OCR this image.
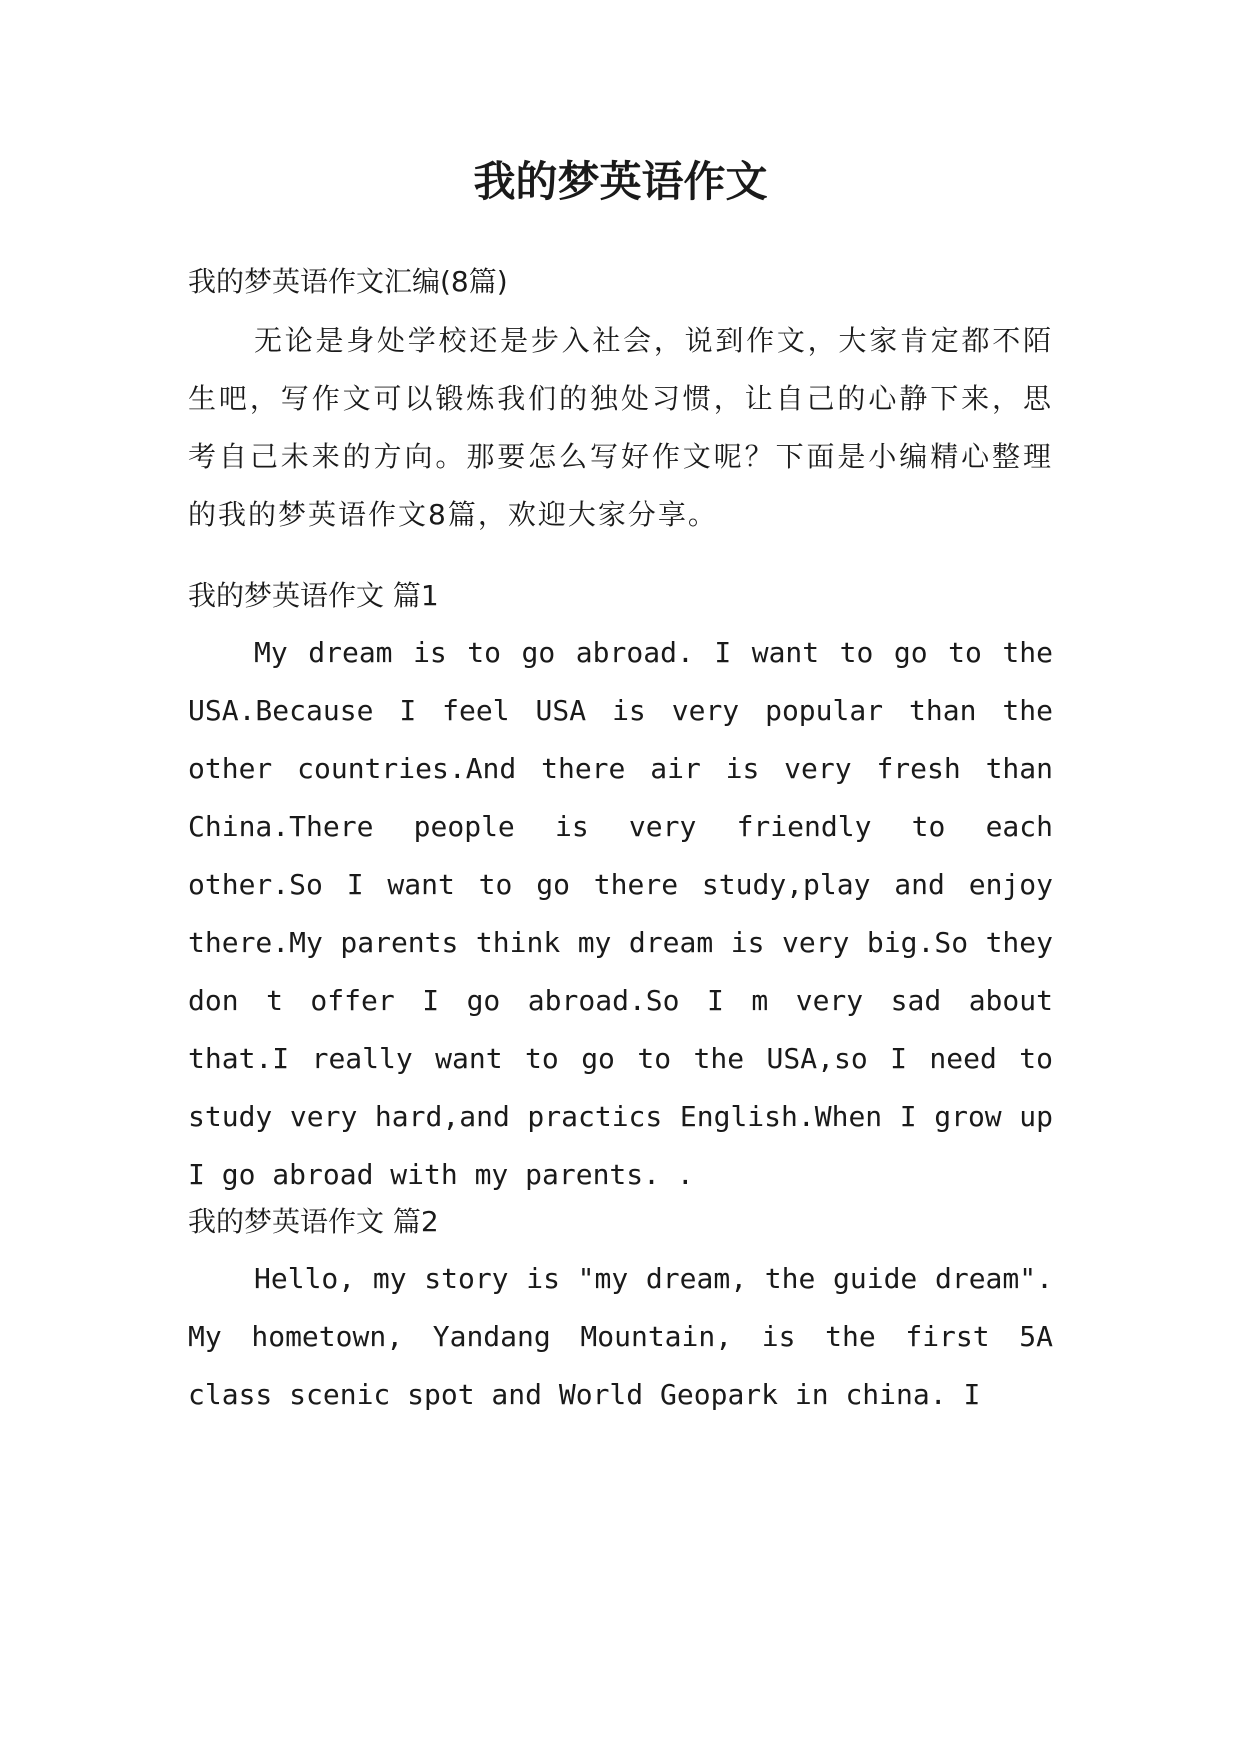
我的梦英语作文
我的梦英语作文汇编(8篇)
无论是身处学校还是步入社会，说到作文，大家肯定都不陌生吧，写作文可以锻炼我们的独处习惯，让自己的心静下来，思考自己未来的方向。那要怎么写好作文呢？下面是小编精心整理的我的梦英语作文8篇，欢迎大家分享。
我的梦英语作文 篇1
My dream is to go abroad. I want to go to the USA.Because I feel USA is very popular than the other countries.And there air is very fresh than China.There people is very friendly to each other.So I want to go there study,play and enjoy there.My parents think my dream is very big.So they don t offer I go abroad.So I m very sad about that.I really want to go to the USA,so I need to study very hard,and practics English.When I grow up I go abroad with my parents. .
我的梦英语作文 篇2
Hello, my story is "my dream, the guide dream". My hometown, Yandang Mountain, is the first 5A class scenic spot and World Geopark in china. I
